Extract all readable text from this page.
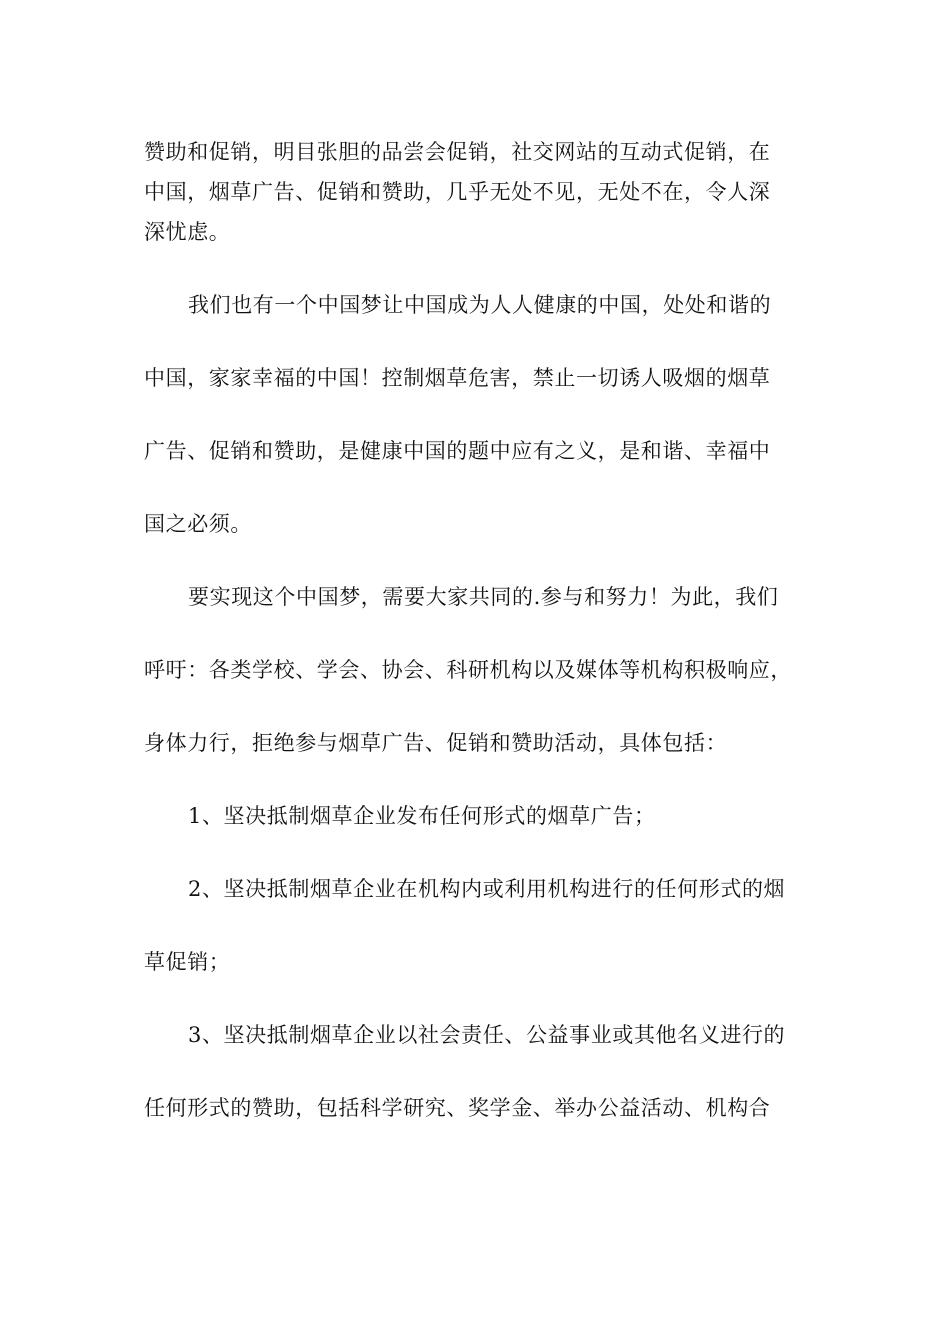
赞助和促销，明目张胆的品尝会促销，社交网站的互动式促销，在
中国，烟草广告、促销和赞助，几乎无处不见，无处不在，令人深
深忧虑。
我们也有一个中国梦让中国成为人人健康的中国，处处和谐的
中国，家家幸福的中国！控制烟草危害，禁止一切诱人吸烟的烟草
广告、促销和赞助，是健康中国的题中应有之义，是和谐、幸福中
国之必须。
要实现这个中国梦，需要大家共同的.参与和努力！为此，我们
呼吁：各类学校、学会、协会、科研机构以及媒体等机构积极响应，
身体力行，拒绝参与烟草广告、促销和赞助活动，具体包括：
1、坚决抵制烟草企业发布任何形式的烟草广告；
2、坚决抵制烟草企业在机构内或利用机构进行的任何形式的烟
草促销；
3、坚决抵制烟草企业以社会责任、公益事业或其他名义进行的
任何形式的赞助，包括科学研究、奖学金、举办公益活动、机构合
